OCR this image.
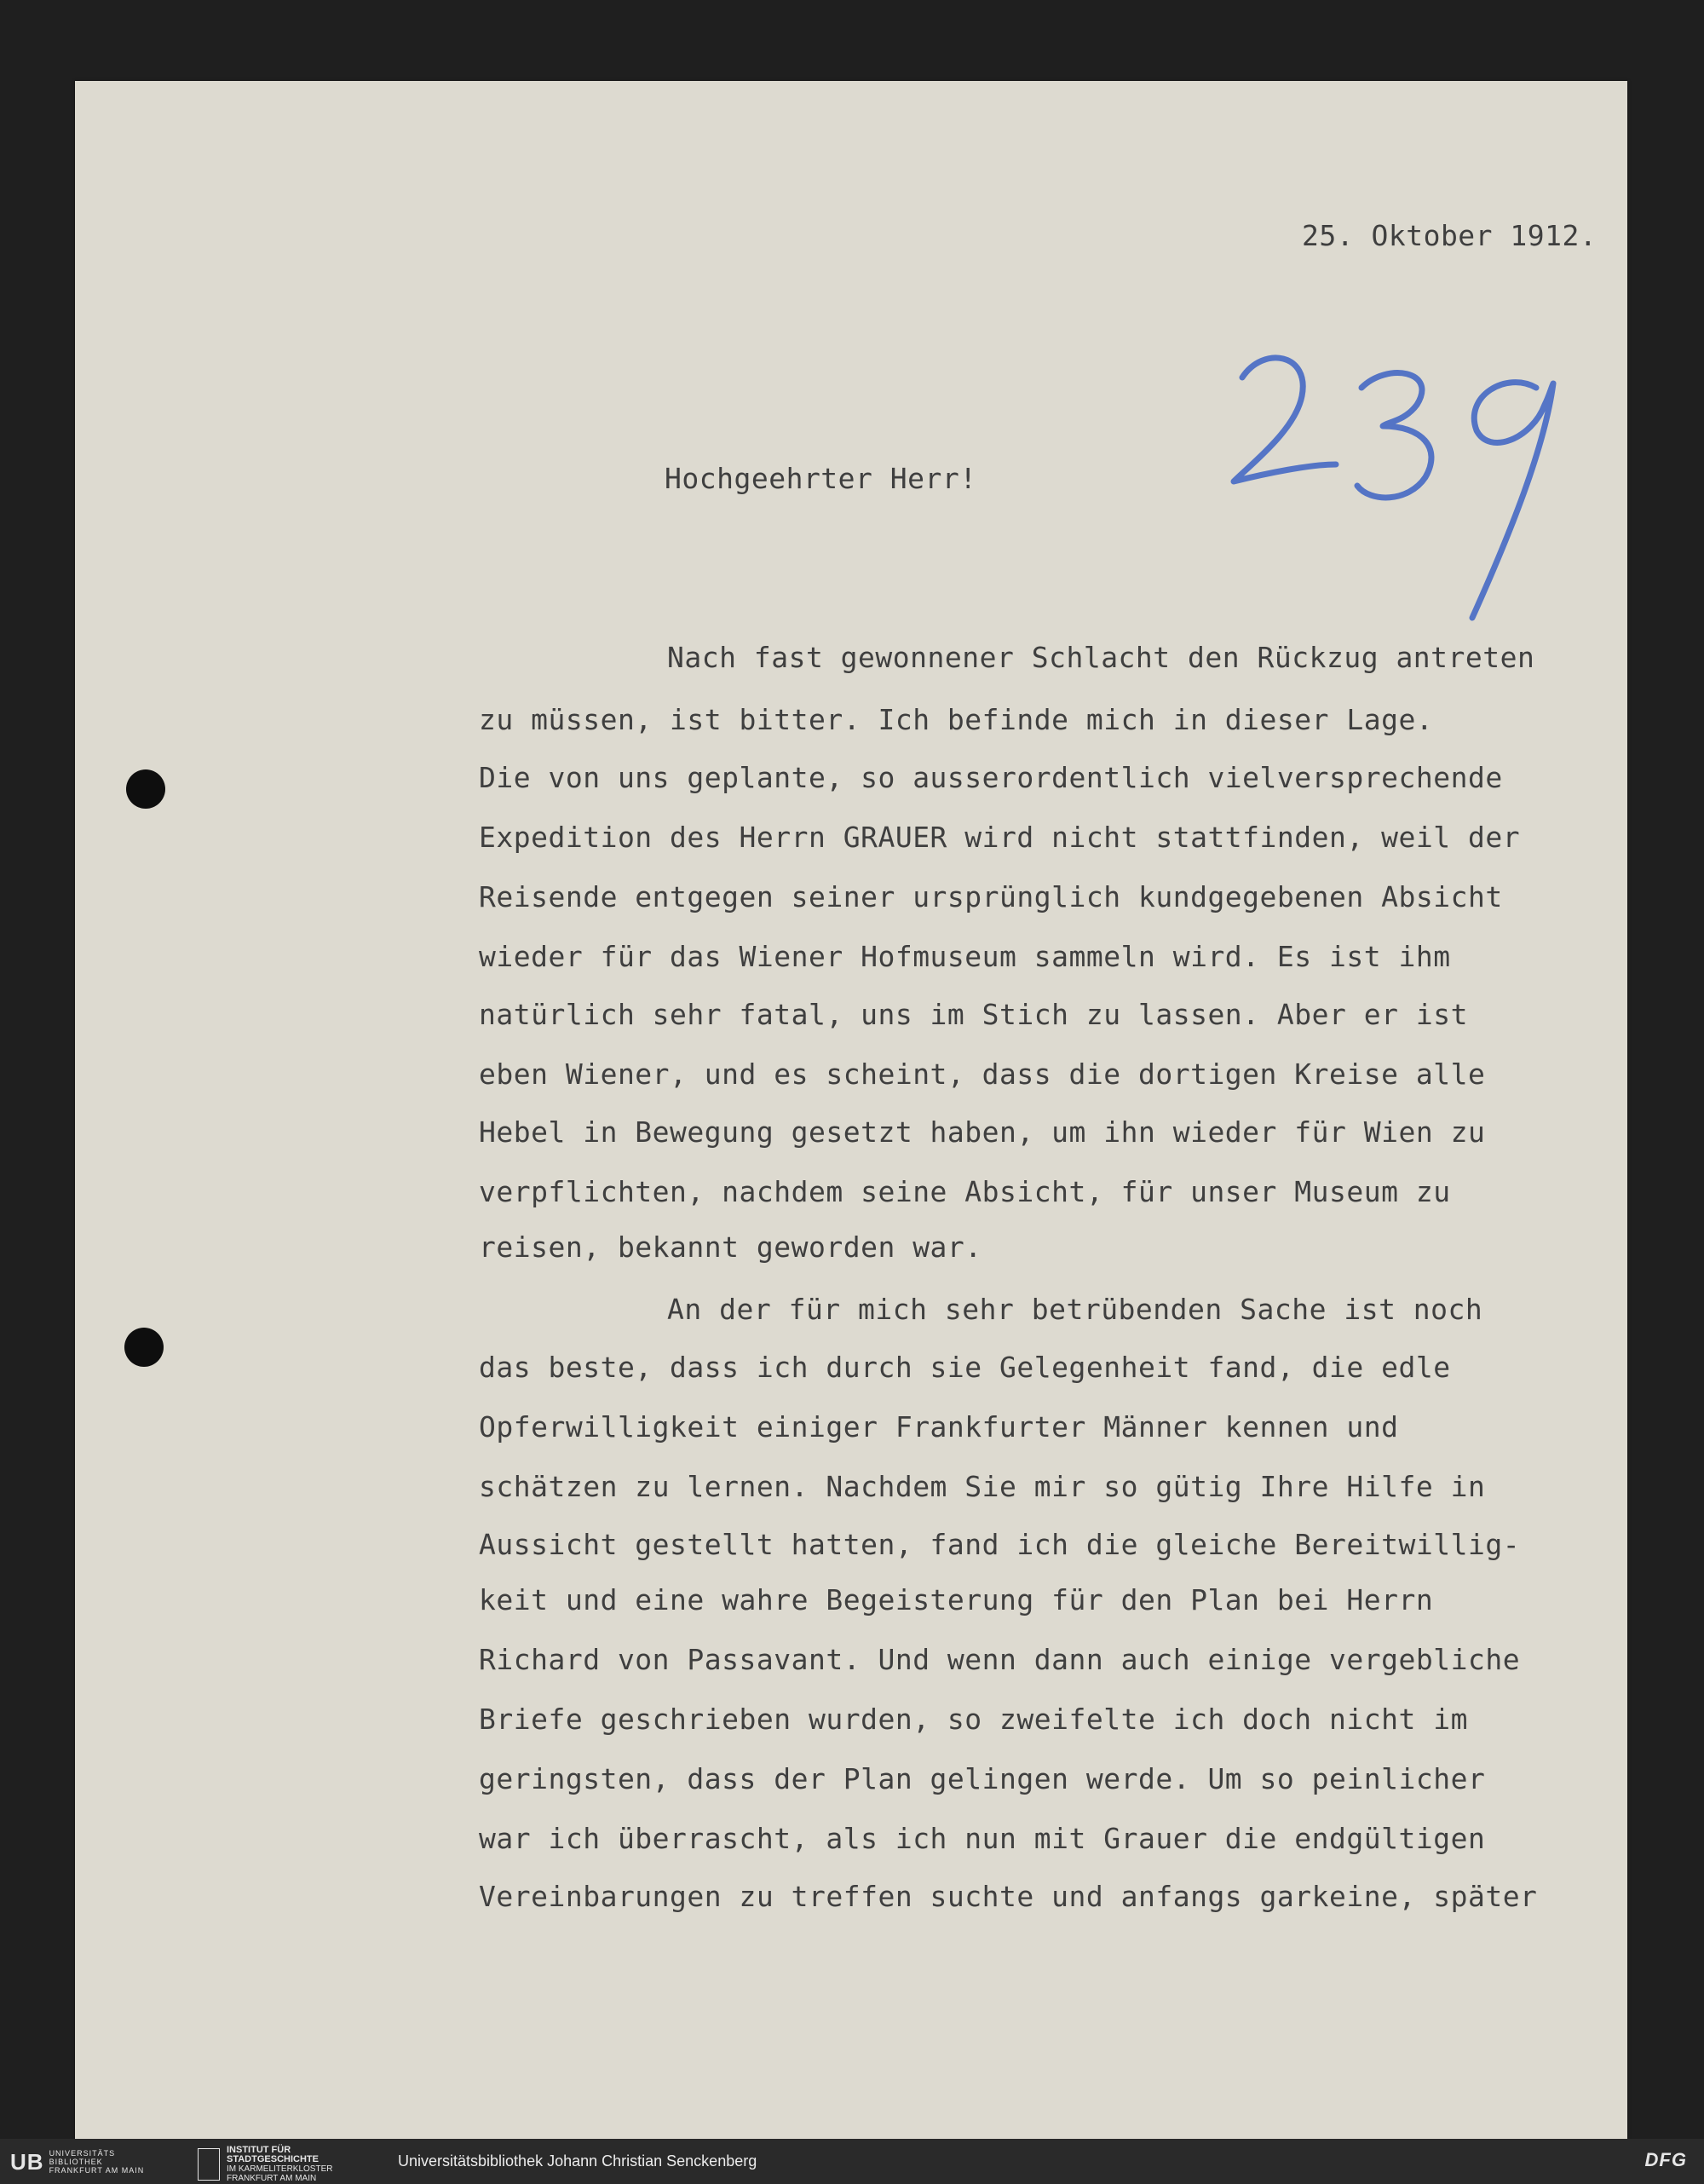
25. Oktober 1912.
Hochgeehrter Herr!

Nach fast gewonnener Schlacht den Rückzug antreten

zu müssen, ist bitter. Ich befinde mich in dieser Lage.

Die von uns geplante, so ausserordentlich vielversprechende

Expedition des Herrn GRAUER wird nicht stattfinden, weil der

Reisende entgegen seiner ursprünglich kundgegebenen Absicht

wieder für das Wiener Hofmuseum sammeln wird. Es ist ihm

natürlich sehr fatal, uns im Stich zu lassen. Aber er ist

eben Wiener, und es scheint, dass die dortigen Kreise alle

Hebel in Bewegung gesetzt haben, um ihn wieder für Wien zu

verpflichten, nachdem seine Absicht, für unser Museum zu

reisen, bekannt geworden war.

An der für mich sehr betrübenden Sache ist noch

das beste, dass ich durch sie Gelegenheit fand, die edle

Opferwilligkeit einiger Frankfurter Männer kennen und

schätzen zu lernen. Nachdem Sie mir so gütig Ihre Hilfe in

Aussicht gestellt hatten, fand ich die gleiche Bereitwillig-

keit und eine wahre Begeisterung für den Plan bei Herrn

Richard von Passavant. Und wenn dann auch einige vergebliche

Briefe geschrieben wurden, so zweifelte ich doch nicht im

geringsten, dass der Plan gelingen werde. Um so peinlicher

war ich überrascht, als ich nun mit Grauer die endgültigen

Vereinbarungen zu treffen suchte und anfangs garkeine, später

UB UNIVERSITÄTS
BIBLIOTHEK
FRANKFURT AM MAIN
INSTITUT FÜR
STADTGESCHICHTE
IM KARMELITERKLOSTER
FRANKFURT AM MAIN
Universitätsbibliothek Johann Christian Senckenberg	DFG
